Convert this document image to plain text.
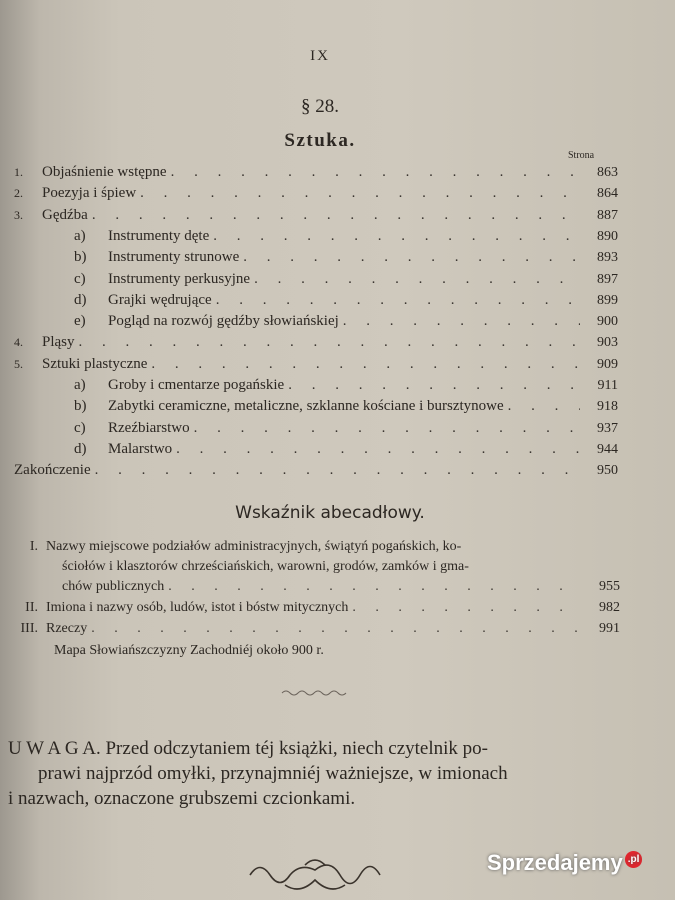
IX
§ 28.
Sztuka.
Strona
1.	Objaśnienie wstępne . . .	863
2.	Poezyja i śpiew . . .	864
3.	Gędźba . . .	887
a)	Instrumenty dęte . . .	890
b)	Instrumenty strunowe . . .	893
c)	Instrumenty perkusyjne . . .	897
d)	Grajki wędrujące . . .	899
e)	Pogląd na rozwój gędźby słowiańskiej . . .	900
4.	Pląsy . . .	903
5.	Sztuki plastyczne . . .	909
a)	Groby i cmentarze pogańskie . . .	911
b)	Zabytki ceramiczne, metaliczne, szklanne kościane i bursztynowe . . .	918
c)	Rzeźbiarstwo . . .	937
d)	Malarstwo . . .	944
Zakończenie . . .	950
Wskaźnik abecadłowy.
I. Nazwy miejscowe podziałów administracyjnych, świątyń pogańskich, ko-
ściołów i klasztorów chrześciańskich, warowni, grodów, zamków i gma-
chów publicznych . . .	955
II. Imiona i nazwy osób, ludów, istot i bóstw mitycznych . . .	982
III. Rzeczy . . .	991
Mapa Słowiańszczyzny Zachodniéj około 900 r.
U W A G A. Przed odczytaniem téj książki, niech czytelnik po-
prawi najprzód omyłki, przynajmniéj ważniejsze, w imionach
i nazwach, oznaczone grubszemi czcionkami.
Sprzedajemy $^{.pl}$
